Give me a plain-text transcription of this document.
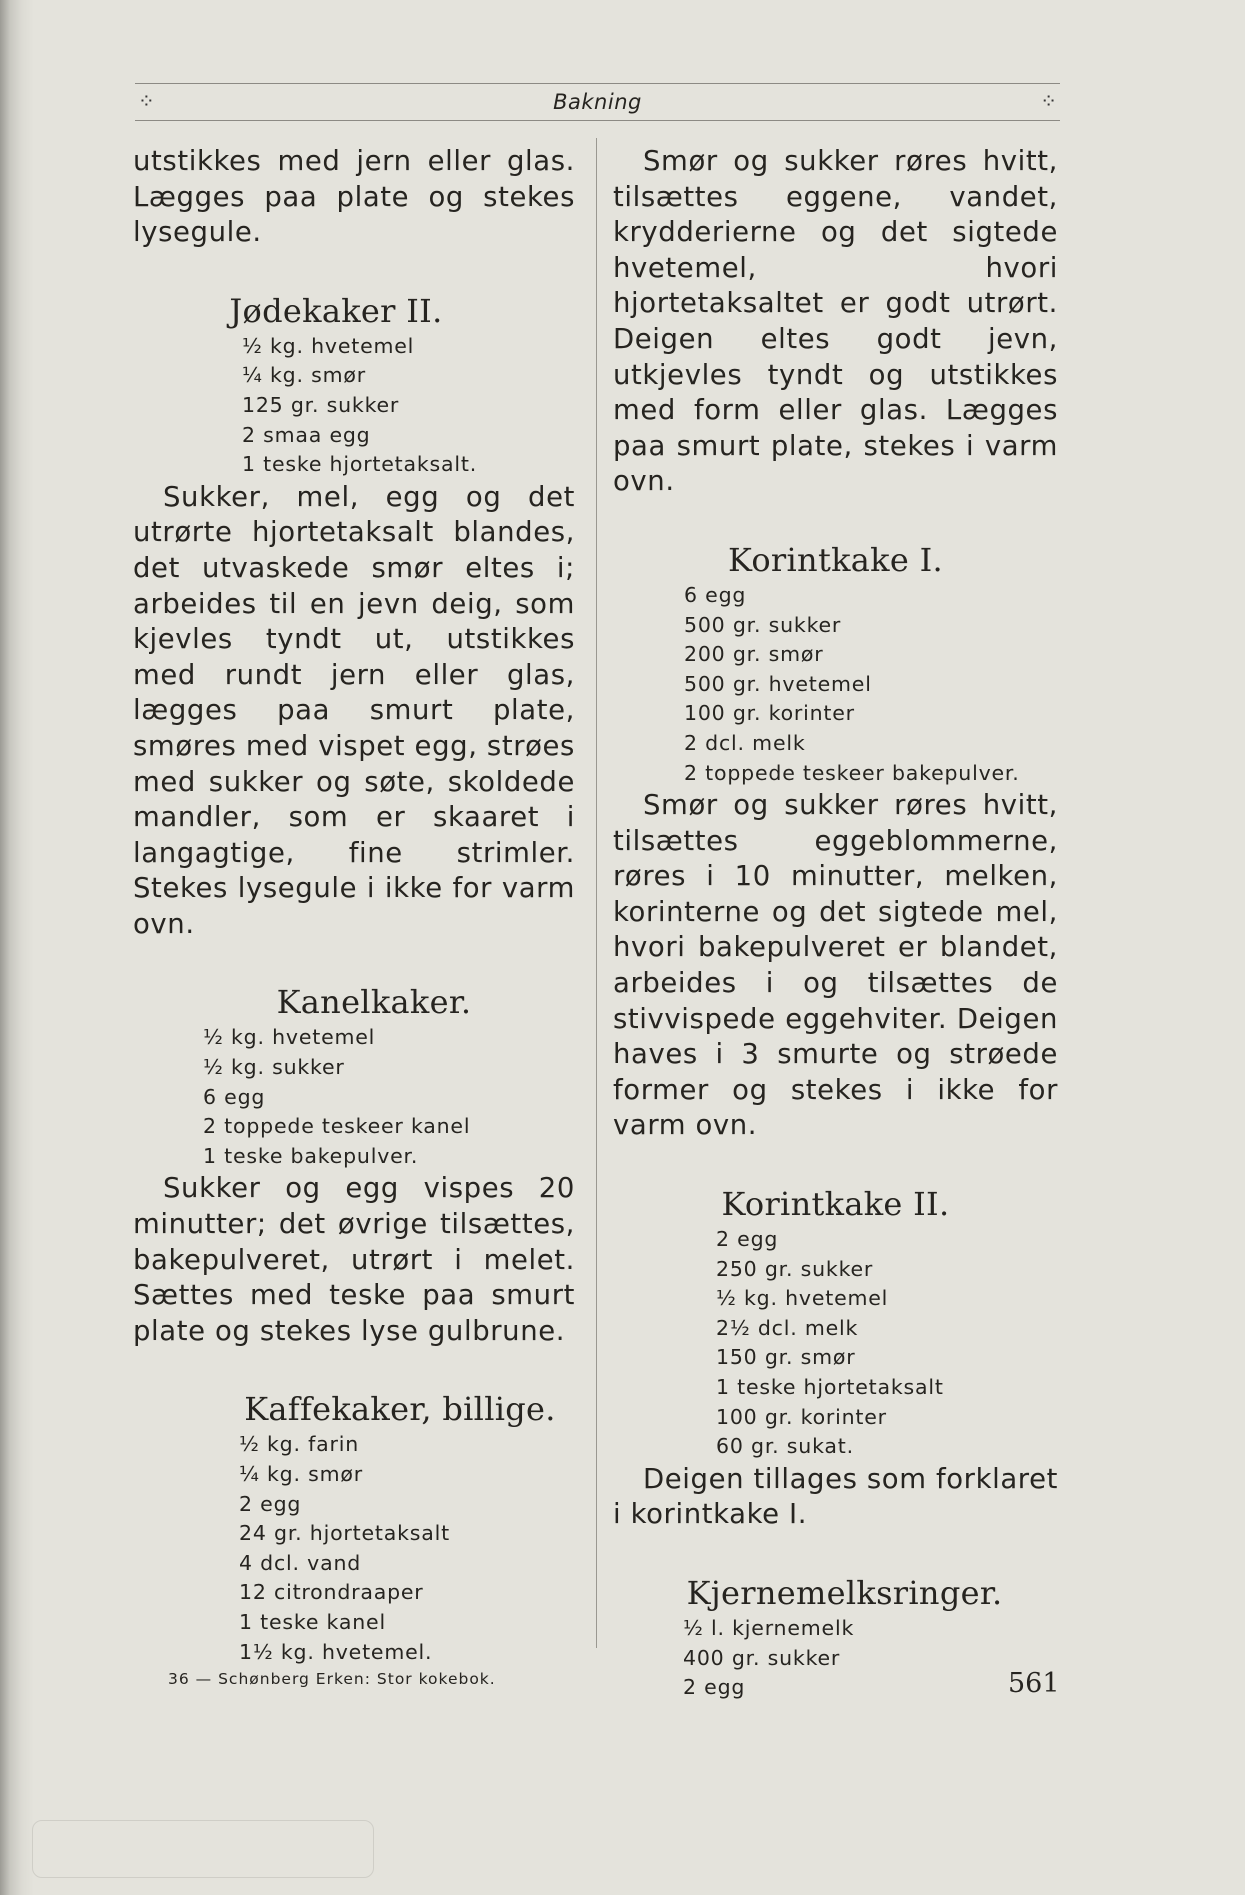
⁘	Bakning	⁘

utstikkes med jern eller glas. Lægges paa plate og stekes lysegule.

Jødekaker II.
½ kg. hvetemel
¼ kg. smør
125 gr. sukker
2 smaa egg
1 teske hjortetaksalt.

Sukker, mel, egg og det utrørte hjortetaksalt blandes, det utvaskede smør eltes i; arbeides til en jevn deig, som kjevles tyndt ut, utstikkes med rundt jern eller glas, lægges paa smurt plate, smøres med vispet egg, strøes med sukker og søte, skoldede mandler, som er skaaret i langagtige, fine strimler. Stekes lysegule i ikke for varm ovn.

Kanelkaker.
½ kg. hvetemel
½ kg. sukker
6 egg
2 toppede teskeer kanel
1 teske bakepulver.

Sukker og egg vispes 20 minutter; det øvrige tilsættes, bakepulveret, utrørt i melet. Sættes med teske paa smurt plate og stekes lyse gulbrune.

Kaffekaker, billige.
½ kg. farin
¼ kg. smør
2 egg
24 gr. hjortetaksalt
4 dcl. vand
12 citrondraaper
1 teske kanel
1½ kg. hvetemel.

Smør og sukker røres hvitt, tilsættes eggene, vandet, krydderierne og det sigtede hvetemel, hvori hjortetaksaltet er godt utrørt. Deigen eltes godt jevn, utkjevles tyndt og utstikkes med form eller glas. Lægges paa smurt plate, stekes i varm ovn.

Korintkake I.
6 egg
500 gr. sukker
200 gr. smør
500 gr. hvetemel
100 gr. korinter
2 dcl. melk
2 toppede teskeer bakepulver.

Smør og sukker røres hvitt, tilsættes eggeblommerne, røres i 10 minutter, melken, korinterne og det sigtede mel, hvori bakepulveret er blandet, arbeides i og tilsættes de stivvispede eggehviter. Deigen haves i 3 smurte og strøede former og stekes i ikke for varm ovn.

Korintkake II.
2 egg
250 gr. sukker
½ kg. hvetemel
2½ dcl. melk
150 gr. smør
1 teske hjortetaksalt
100 gr. korinter
60 gr. sukat.

Deigen tillages som forklaret i korintkake I.

Kjernemelksringer.
½ l. kjernemelk
400 gr. sukker
2 egg
36 — Schønberg Erken: Stor kokebok.	561
